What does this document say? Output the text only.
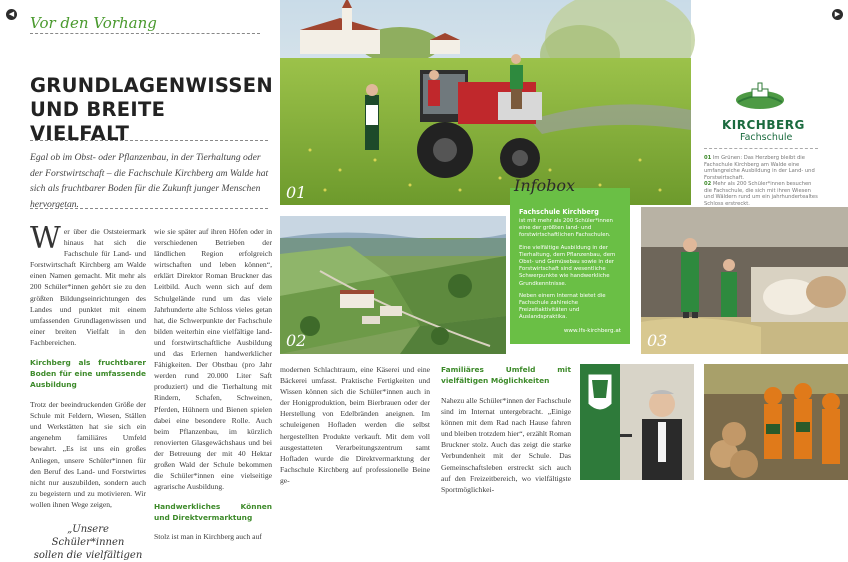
◀	▶
Vor den Vorhang
GRUNDLAGENWISSEN
UND BREITE VIELFALT
Egal ob im Obst- oder Pflanzenbau, in der Tierhaltung oder der Forstwirtschaft – die Fachschule Kirchberg am Walde hat sich als fruchtbarer Boden für die Zukunft junger Menschen hervorgetan.
W er über die Oststeiermark hinaus hat sich die Fachschule für Land- und Forstwirtschaft Kirchberg am Walde einen Namen gemacht. Mit mehr als 200 Schüler*innen gehört sie zu den größten Bildungseinrichtungen des Landes und punktet mit einem umfassenden Grundlagenwissen und einer breiten Vielfalt in den Fachbereichen.
Kirchberg als fruchtbarer Boden für eine umfassende Ausbildung
Trotz der beeindruckenden Größe der Schule mit Feldern, Wiesen, Ställen und Werkstätten hat sie sich ein angenehm familiäres Umfeld bewahrt. „Es ist uns ein großes Anliegen, unsere Schüler*innen für den Beruf des Land- und Forstwirtes nicht nur auszubilden, sondern auch zu begeistern und zu motivieren. Wir wollen ihnen Wege zeigen,
„Unsere Schüler*innen
sollen die vielfältigen
wie sie später auf ihren Höfen oder in verschiedenen Betrieben der ländlichen Region erfolgreich wirtschaften und leben können“, erklärt Direktor Roman Bruckner das Leitbild. Auch wenn sich auf dem Schulgelände rund um das viele Jahrhunderte alte Schloss vieles getan hat, die Schwerpunkte der Fachschule bilden weiterhin eine vielfältige land- und forstwirtschaftliche Ausbildung und das Erlernen handwerklicher Fähigkeiten. Der Obstbau (pro Jahr werden rund 20.000 Liter Saft produziert) und die Tierhaltung mit Rindern, Schafen, Schweinen, Pferden, Hühnern und Bienen spielen dabei eine besondere Rolle. Auch beim Pflanzenbau, im kürzlich renovierten Glasgewächshaus und bei der Betreuung der mit 40 Hektar großen Wald der Schule bekommen die Schüler*innen eine vielseitige agrarische Ausbildung.
Handwerkliches Können und Direktvermarktung
Stolz ist man in Kirchberg auch auf
01
KIRCHBERG
Fachschule
01 Im Grünen: Das Herzberg bleibt die Fachschule Kirchberg am Walde eine umfangreiche Ausbildung in der Land- und Forstwirtschaft.
02 Mehr als 200 Schüler*innen besuchen die Fachschule, die sich mit ihren Wiesen und Wäldern rund um ein jahrhundertealtes Schloss erstreckt.
02
Fachschule Kirchberg
ist mit mehr als 200 Schüler*innen eine der größten land- und forstwirtschaftlichen Fachschulen.
Eine vielfältige Ausbildung in der Tierhaltung, dem Pflanzenbau, dem Obst- und Gemüsebau sowie in der Forstwirtschaft sind wesentliche Schwerpunkte wie handwerkliche Grundkenntnisse.
Neben einem Internat bietet die Fachschule zahlreiche Freizeitaktivitäten und Auslandspraktika.
www.lfs-kirchberg.at
Infobox
03
modernen Schlachtraum, eine Käserei und eine Bäckerei umfasst. Praktische Fertigkeiten und Wissen können sich die Schüler*innen auch in der Honigproduktion, beim Bierbrauen oder der Herstellung von Edelbränden aneignen. Im schuleigenen Hofladen werden die selbst hergestellten Produkte verkauft. Mit dem voll ausgestatteten Verarbeitungszentrum samt Hofladen wurde die Direktvermarktung der Fachschule Kirchberg auf professionelle Beine ge-
Familiäres Umfeld mit vielfältigen Möglichkeiten
Nahezu alle Schüler*innen der Fachschule sind im Internat untergebracht. „Einige können mit dem Rad nach Hause fahren und bleiben trotzdem hier“, erzählt Roman Bruckner stolz. Auch das zeigt die starke Verbundenheit mit der Schule. Das Gemeinschaftsleben erstreckt sich auch auf den Freizeitbereich, wo vielfältigste Sportmöglichkei-
